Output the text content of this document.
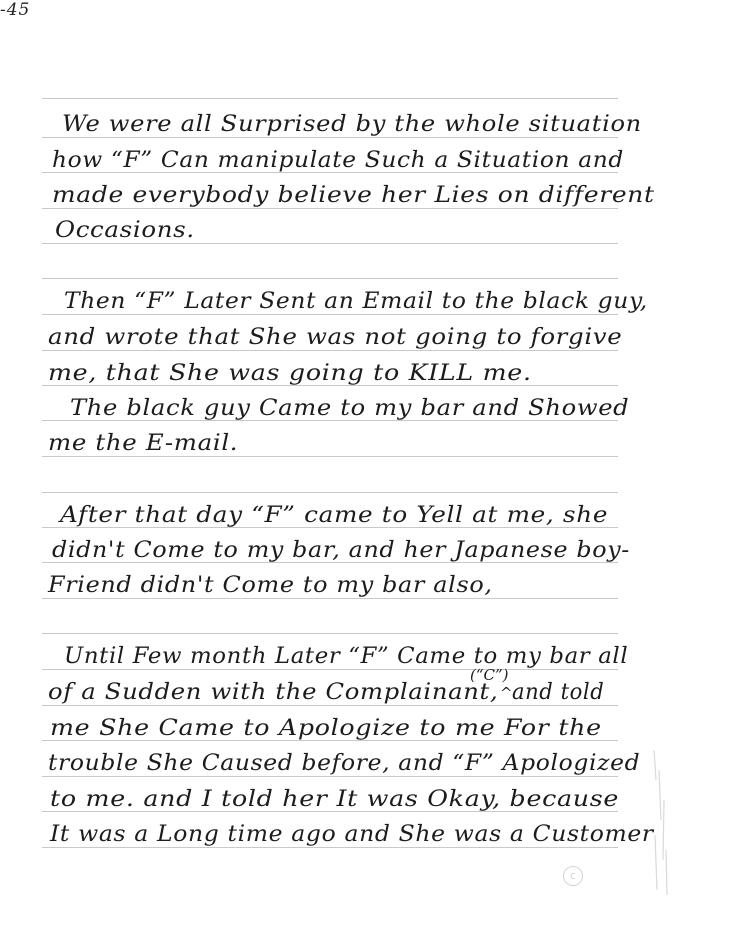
-45
We were all Surprised by the whole situation
how “F” Can manipulate Such a Situation and
made everybody believe her Lies on different
Occasions.
Then “F” Later Sent an Email to the black guy,
and wrote that She was not going to forgive
me, that She was going to KILL me.
The black guy Came to my bar and Showed
me the E-mail.
After that day “F” came to Yell at me, she
didn't Come to my bar, and her Japanese boy-
Friend didn't Come to my bar also,
Until Few month Later “F” Came to my bar all
(“C”)
of a Sudden with the Complainant, ^ and told
me She Came to Apologize to me For the
trouble She Caused before, and “F” Apologized
to me. and I told her It was Okay, because
It was a Long time ago and She was a Customer
c
